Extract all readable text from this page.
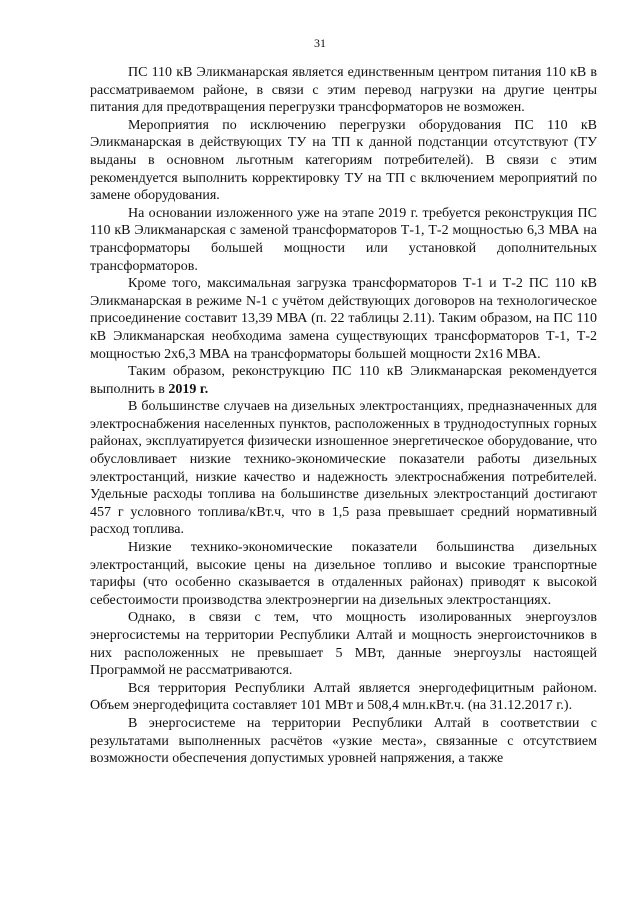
31

ПС 110 кВ Эликманарская является единственным центром питания 110 кВ в рассматриваемом районе, в связи с этим перевод нагрузки на другие центры питания для предотвращения перегрузки трансформаторов не возможен.

Мероприятия по исключению перегрузки оборудования ПС 110 кВ Эликманарская в действующих ТУ на ТП к данной подстанции отсутствуют (ТУ выданы в основном льготным категориям потребителей). В связи с этим рекомендуется выполнить корректировку ТУ на ТП с включением мероприятий по замене оборудования.

На основании изложенного уже на этапе 2019 г. требуется реконструкция ПС 110 кВ Эликманарская с заменой трансформаторов Т-1, Т-2 мощностью 6,3 МВА на трансформаторы большей мощности или установкой дополнительных трансформаторов.

Кроме того, максимальная загрузка трансформаторов Т-1 и Т-2 ПС 110 кВ Эликманарская в режиме N-1 с учётом действующих договоров на технологическое присоединение составит 13,39 МВА (п. 22 таблицы 2.11). Таким образом, на ПС 110 кВ Эликманарская необходима замена существующих трансформаторов Т-1, Т-2 мощностью 2х6,3 МВА на трансформаторы большей мощности 2х16 МВА.

Таким образом, реконструкцию ПС 110 кВ Эликманарская рекомендуется выполнить в 2019 г.

В большинстве случаев на дизельных электростанциях, предназначенных для электроснабжения населенных пунктов, расположенных в труднодоступных горных районах, эксплуатируется физически изношенное энергетическое оборудование, что обусловливает низкие технико-экономические показатели работы дизельных электростанций, низкие качество и надежность электроснабжения потребителей. Удельные расходы топлива на большинстве дизельных электростанций достигают 457 г условного топлива/кВт.ч, что в 1,5 раза превышает средний нормативный расход топлива.

Низкие технико-экономические показатели большинства дизельных электростанций, высокие цены на дизельное топливо и высокие транспортные тарифы (что особенно сказывается в отдаленных районах) приводят к высокой себестоимости производства электроэнергии на дизельных электростанциях.

Однако, в связи с тем, что мощность изолированных энергоузлов энергосистемы на территории Республики Алтай и мощность энергоисточников в них расположенных не превышает 5 МВт, данные энергоузлы настоящей Программой не рассматриваются.

Вся территория Республики Алтай является энергодефицитным районом. Объем энергодефицита составляет 101 МВт и 508,4 млн.кВт.ч. (на 31.12.2017 г.).

В энергосистеме на территории Республики Алтай в соответствии с результатами выполненных расчётов «узкие места», связанные с отсутствием возможности обеспечения допустимых уровней напряжения, а также
